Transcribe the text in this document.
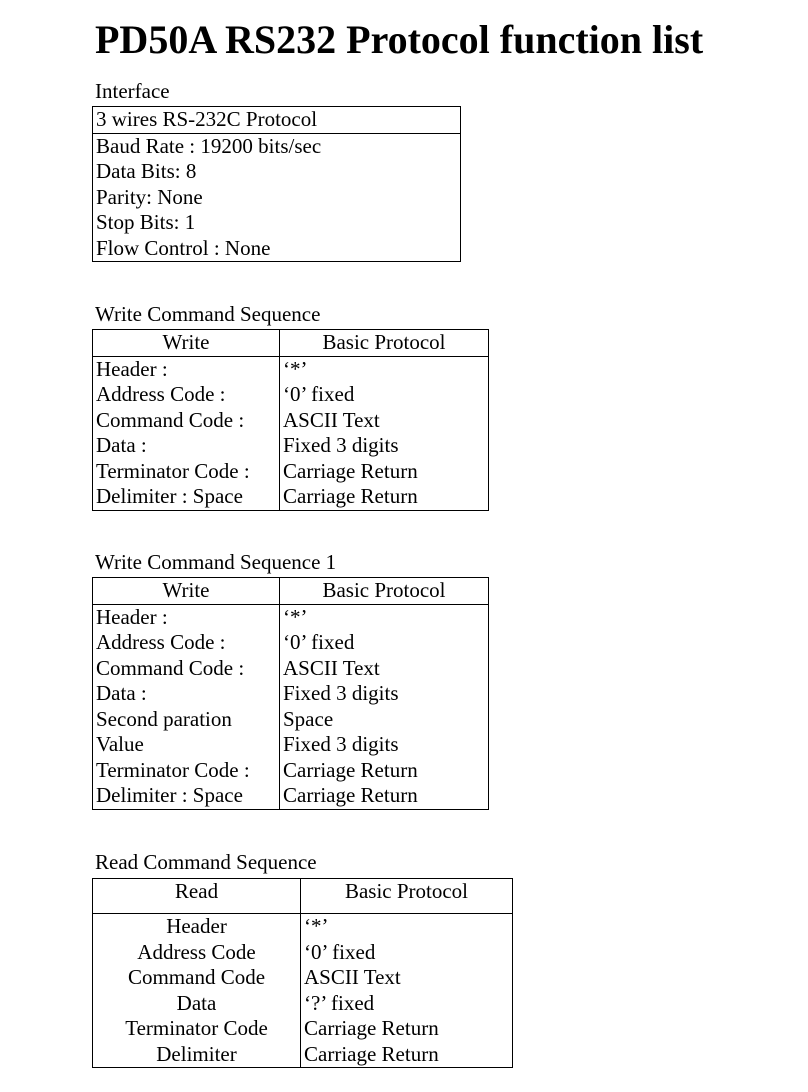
PD50A RS232 Protocol function list
Interface
3 wires RS-232C Protocol
Baud Rate : 19200 bits/sec
Data Bits: 8
Parity: None
Stop Bits: 1
Flow Control : None
Write Command Sequence
Write	Basic Protocol
Header :	‘*’
Address Code :	‘0’ fixed
Command Code :	ASCII Text
Data :	Fixed 3 digits
Terminator Code :	Carriage Return
Delimiter : Space	Carriage Return
Write Command Sequence 1
Write	Basic Protocol
Header :	‘*’
Address Code :	‘0’ fixed
Command Code :	ASCII Text
Data :	Fixed 3 digits
Second paration	Space
Value	Fixed 3 digits
Terminator Code :	Carriage Return
Delimiter : Space	Carriage Return
Read Command Sequence
Read	Basic Protocol
Header	‘*’
Address Code	‘0’ fixed
Command Code	ASCII Text
Data	‘?’ fixed
Terminator Code	Carriage Return
Delimiter	Carriage Return
